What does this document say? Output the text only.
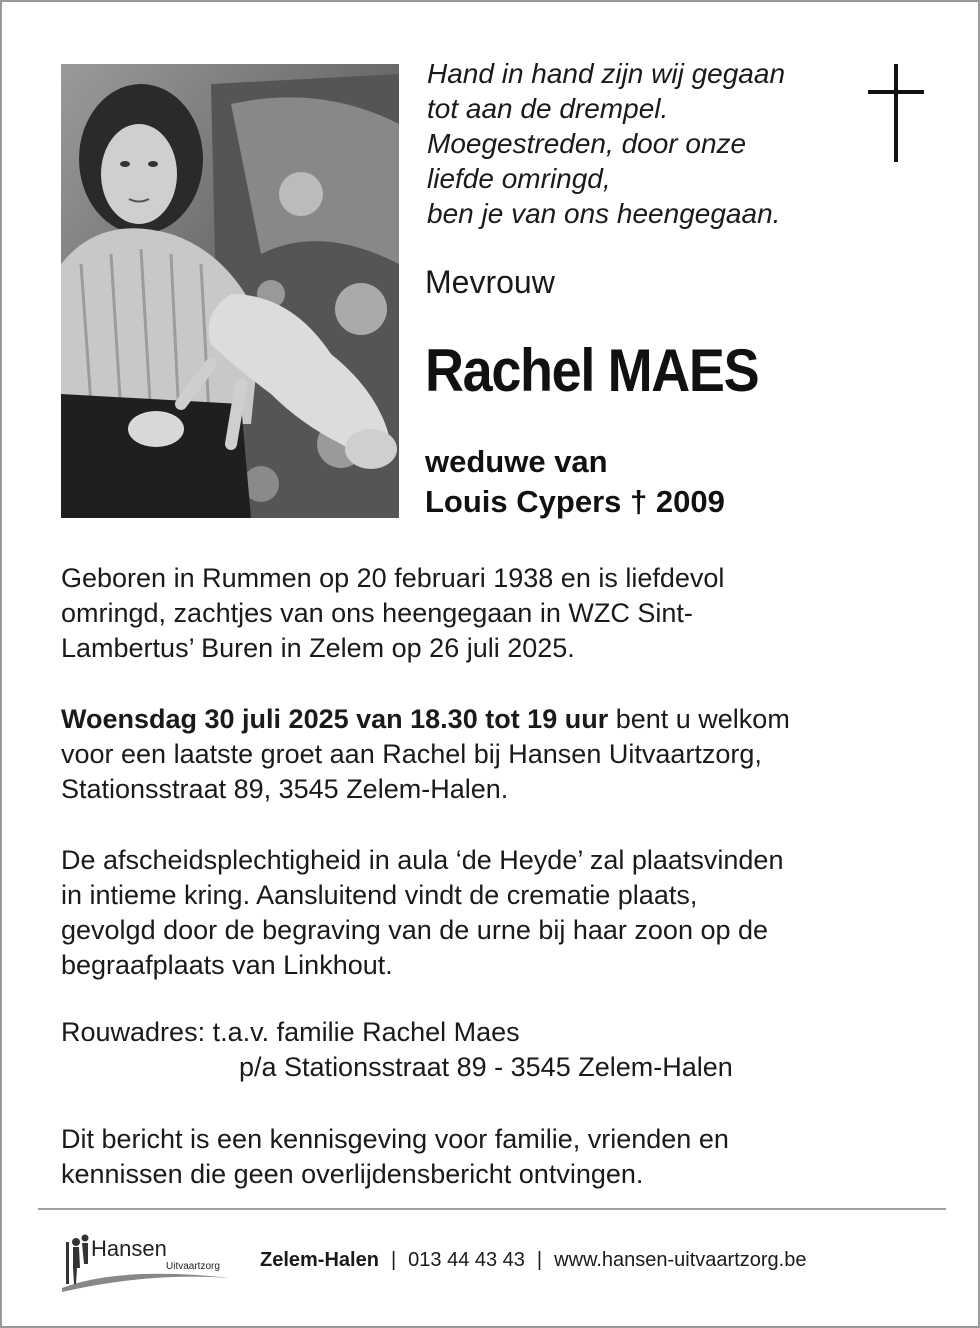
Hand in hand zijn wij gegaan
tot aan de drempel.
Moegestreden, door onze
liefde omringd,
ben je van ons heengegaan.
Mevrouw
Rachel MAES
weduwe van
Louis Cypers † 2009
Geboren in Rummen op 20 februari 1938 en is liefdevol
omringd, zachtjes van ons heengegaan in WZC Sint-
Lambertus’ Buren in Zelem op 26 juli 2025.
Woensdag 30 juli 2025 van 18.30 tot 19 uur bent u welkom
voor een laatste groet aan Rachel bij Hansen Uitvaartzorg,
Stationsstraat 89, 3545 Zelem-Halen.
De afscheidsplechtigheid in aula ‘de Heyde’ zal plaatsvinden
in intieme kring. Aansluitend vindt de crematie plaats,
gevolgd door de begraving van de urne bij haar zoon op de
begraafplaats van Linkhout.
Rouwadres: t.a.v. familie Rachel Maes
p/a Stationsstraat 89 - 3545 Zelem-Halen
Dit bericht is een kennisgeving voor familie, vrienden en
kennissen die geen overlijdensbericht ontvingen.
Hansen
Uitvaartzorg Zelem-Halen | 013 44 43 43 | www.hansen-uitvaartzorg.be
